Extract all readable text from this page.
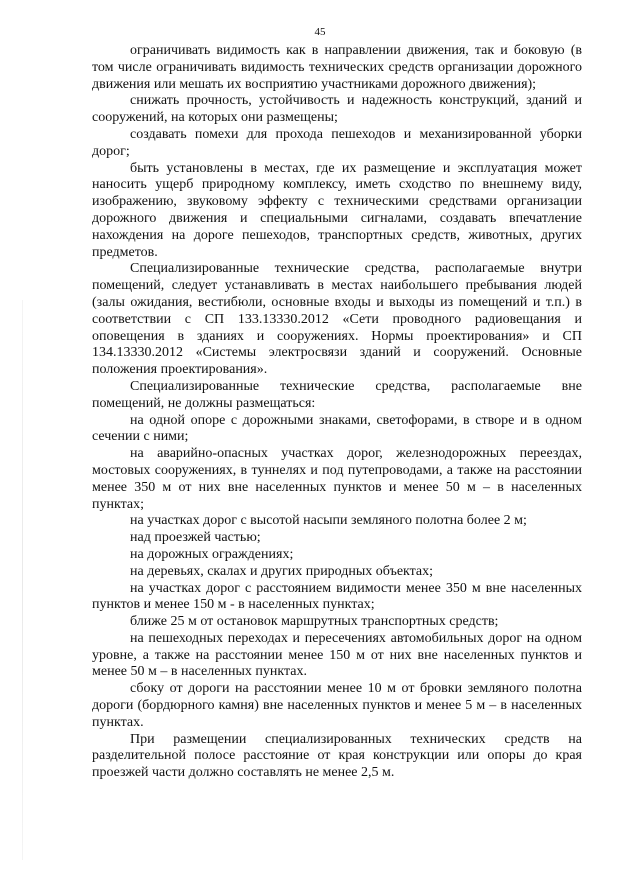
45

ограничивать видимость как в направлении движения, так и боковую (в том числе ограничивать видимость технических средств организации дорожного движения или мешать их восприятию участниками дорожного движения);

снижать прочность, устойчивость и надежность конструкций, зданий и сооружений, на которых они размещены;

создавать помехи для прохода пешеходов и механизированной уборки дорог;

быть установлены в местах, где их размещение и эксплуатация может наносить ущерб природному комплексу, иметь сходство по внешнему виду, изображению, звуковому эффекту с техническими средствами организации дорожного движения и специальными сигналами, создавать впечатление нахождения на дороге пешеходов, транспортных средств, животных, других предметов.

Специализированные технические средства, располагаемые внутри помещений, следует устанавливать в местах наибольшего пребывания людей (залы ожидания, вестибюли, основные входы и выходы из помещений и т.п.) в соответствии с СП 133.13330.2012 «Сети проводного радиовещания и оповещения в зданиях и сооружениях. Нормы проектирования» и СП 134.13330.2012 «Системы электросвязи зданий и сооружений. Основные положения проектирования».

Специализированные технические средства, располагаемые вне помещений, не должны размещаться:

на одной опоре с дорожными знаками, светофорами, в створе и в одном сечении с ними;

на аварийно-опасных участках дорог, железнодорожных переездах, мостовых сооружениях, в туннелях и под путепроводами, а также на расстоянии менее 350 м от них вне населенных пунктов и менее 50 м – в населенных пунктах;

на участках дорог с высотой насыпи земляного полотна более 2 м;

над проезжей частью;

на дорожных ограждениях;

на деревьях, скалах и других природных объектах;

на участках дорог с расстоянием видимости менее 350 м вне населенных пунктов и менее 150 м - в населенных пунктах;

ближе 25 м от остановок маршрутных транспортных средств;

на пешеходных переходах и пересечениях автомобильных дорог на одном уровне, а также на расстоянии менее 150 м от них вне населенных пунктов и менее 50 м – в населенных пунктах.

сбоку от дороги на расстоянии менее 10 м от бровки земляного полотна дороги (бордюрного камня) вне населенных пунктов и менее 5 м – в населенных пунктах.

При размещении специализированных технических средств на разделительной полосе расстояние от края конструкции или опоры до края проезжей части должно составлять не менее 2,5 м.
